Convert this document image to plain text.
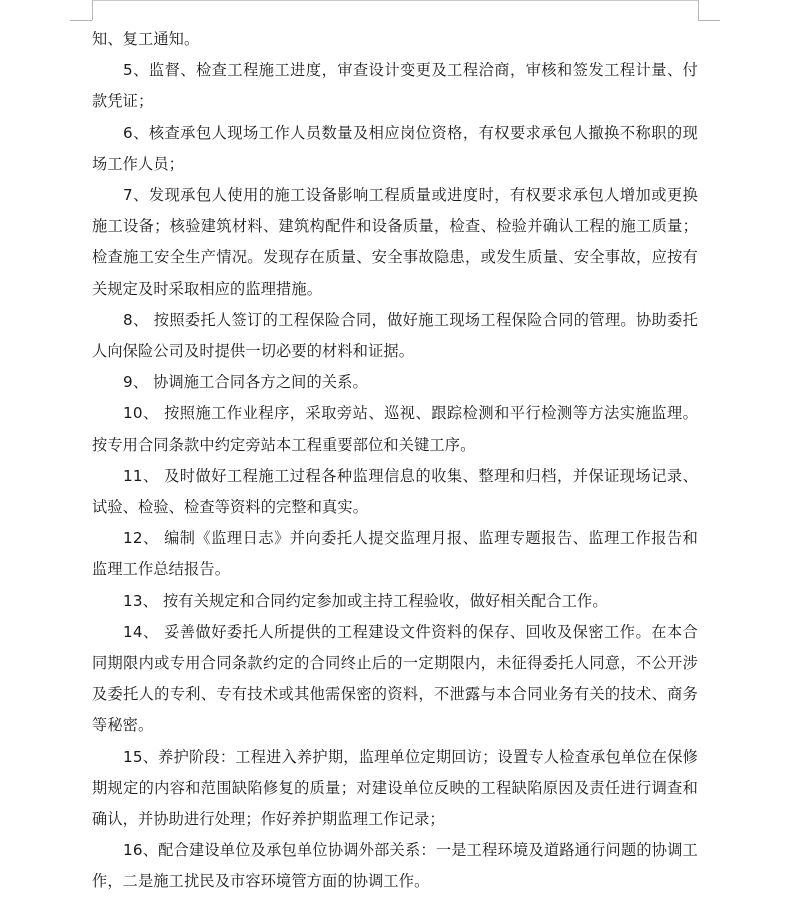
知、复工通知。

5、监督、检查工程施工进度，审查设计变更及工程洽商，审核和签发工程计量、付款凭证；

6、核查承包人现场工作人员数量及相应岗位资格，有权要求承包人撤换不称职的现场工作人员；

7、发现承包人使用的施工设备影响工程质量或进度时，有权要求承包人增加或更换施工设备；核验建筑材料、建筑构配件和设备质量，检查、检验并确认工程的施工质量；检查施工安全生产情况。发现存在质量、安全事故隐患，或发生质量、安全事故，应按有关规定及时采取相应的监理措施。

8、 按照委托人签订的工程保险合同，做好施工现场工程保险合同的管理。协助委托人向保险公司及时提供一切必要的材料和证据。

9、 协调施工合同各方之间的关系。

10、 按照施工作业程序，采取旁站、巡视、跟踪检测和平行检测等方法实施监理。按专用合同条款中约定旁站本工程重要部位和关键工序。

11、 及时做好工程施工过程各种监理信息的收集、整理和归档，并保证现场记录、试验、检验、检查等资料的完整和真实。

12、 编制《监理日志》并向委托人提交监理月报、监理专题报告、监理工作报告和监理工作总结报告。

13、 按有关规定和合同约定参加或主持工程验收，做好相关配合工作。

14、 妥善做好委托人所提供的工程建设文件资料的保存、回收及保密工作。在本合同期限内或专用合同条款约定的合同终止后的一定期限内，未征得委托人同意，不公开涉及委托人的专利、专有技术或其他需保密的资料，不泄露与本合同业务有关的技术、商务等秘密。

15、养护阶段：工程进入养护期，监理单位定期回访；设置专人检查承包单位在保修期规定的内容和范围缺陷修复的质量；对建设单位反映的工程缺陷原因及责任进行调查和确认，并协助进行处理；作好养护期监理工作记录；

16、配合建设单位及承包单位协调外部关系：一是工程环境及道路通行问题的协调工作，二是施工扰民及市容环境管方面的协调工作。
